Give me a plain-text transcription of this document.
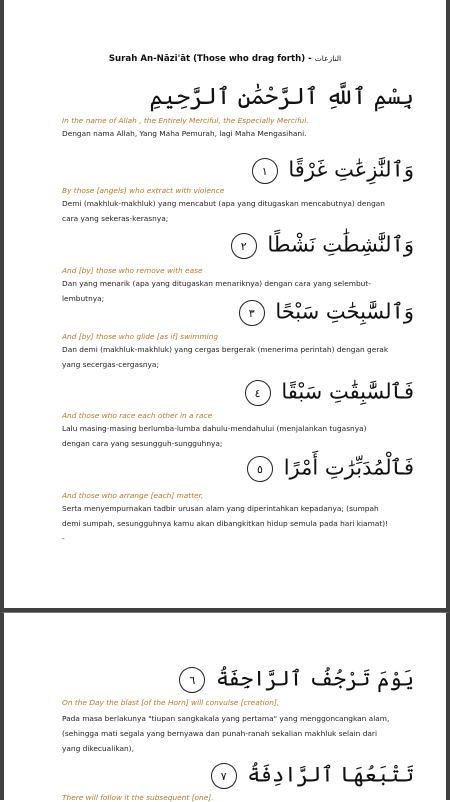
Surah An-Nāzi'āt (Those who drag forth) - النازعات
بِسْمِ ٱللَّهِ ٱلرَّحْمَٰنِ ٱلرَّحِيمِ
In the name of Allah , the Entirely Merciful, the Especially Merciful.
Dengan nama Allah, Yang Maha Pemurah, lagi Maha Mengasihani.
وَٱلنَّٰزِعَٰتِ غَرْقًا ١
By those [angels] who extract with violence
Demi (makhluk-makhluk) yang mencabut (apa yang ditugaskan mencabutnya) dengan cara yang sekeras-kerasnya;
وَٱلنَّٰشِطَٰتِ نَشْطًا ٢
And [by] those who remove with ease
Dan yang menarik (apa yang ditugaskan menariknya) dengan cara yang selembut-lembutnya;
وَٱلسَّٰبِحَٰتِ سَبْحًا ٣
And [by] those who glide [as if] swimming
Dan demi (makhluk-makhluk) yang cergas bergerak (menerima perintah) dengan gerak yang secergas-cergasnya;
فَٱلسَّٰبِقَٰتِ سَبْقًا ٤
And those who race each other in a race
Lalu masing-masing berlumba-lumba dahulu-mendahului (menjalankan tugasnya) dengan cara yang sesungguh-sungguhnya;
فَٱلْمُدَبِّرَٰتِ أَمْرًا ٥
And those who arrange [each] matter,
Serta menyempurnakan tadbir urusan alam yang diperintahkan kepadanya; (sumpah demi sumpah, sesungguhnya kamu akan dibangkitkan hidup semula pada hari kiamat)! -
يَوْمَ تَرْجُفُ ٱلرَّاجِفَةُ ٦
On the Day the blast [of the Horn] will convulse [creation],
Pada masa berlakunya "tiupan sangkakala yang pertama" yang menggoncangkan alam, (sehingga mati segala yang bernyawa dan punah-ranah sekalian makhluk selain dari yang dikecualikan),
تَتْبَعُهَا ٱلرَّادِفَةُ ٧
There will follow it the subsequent [one].
